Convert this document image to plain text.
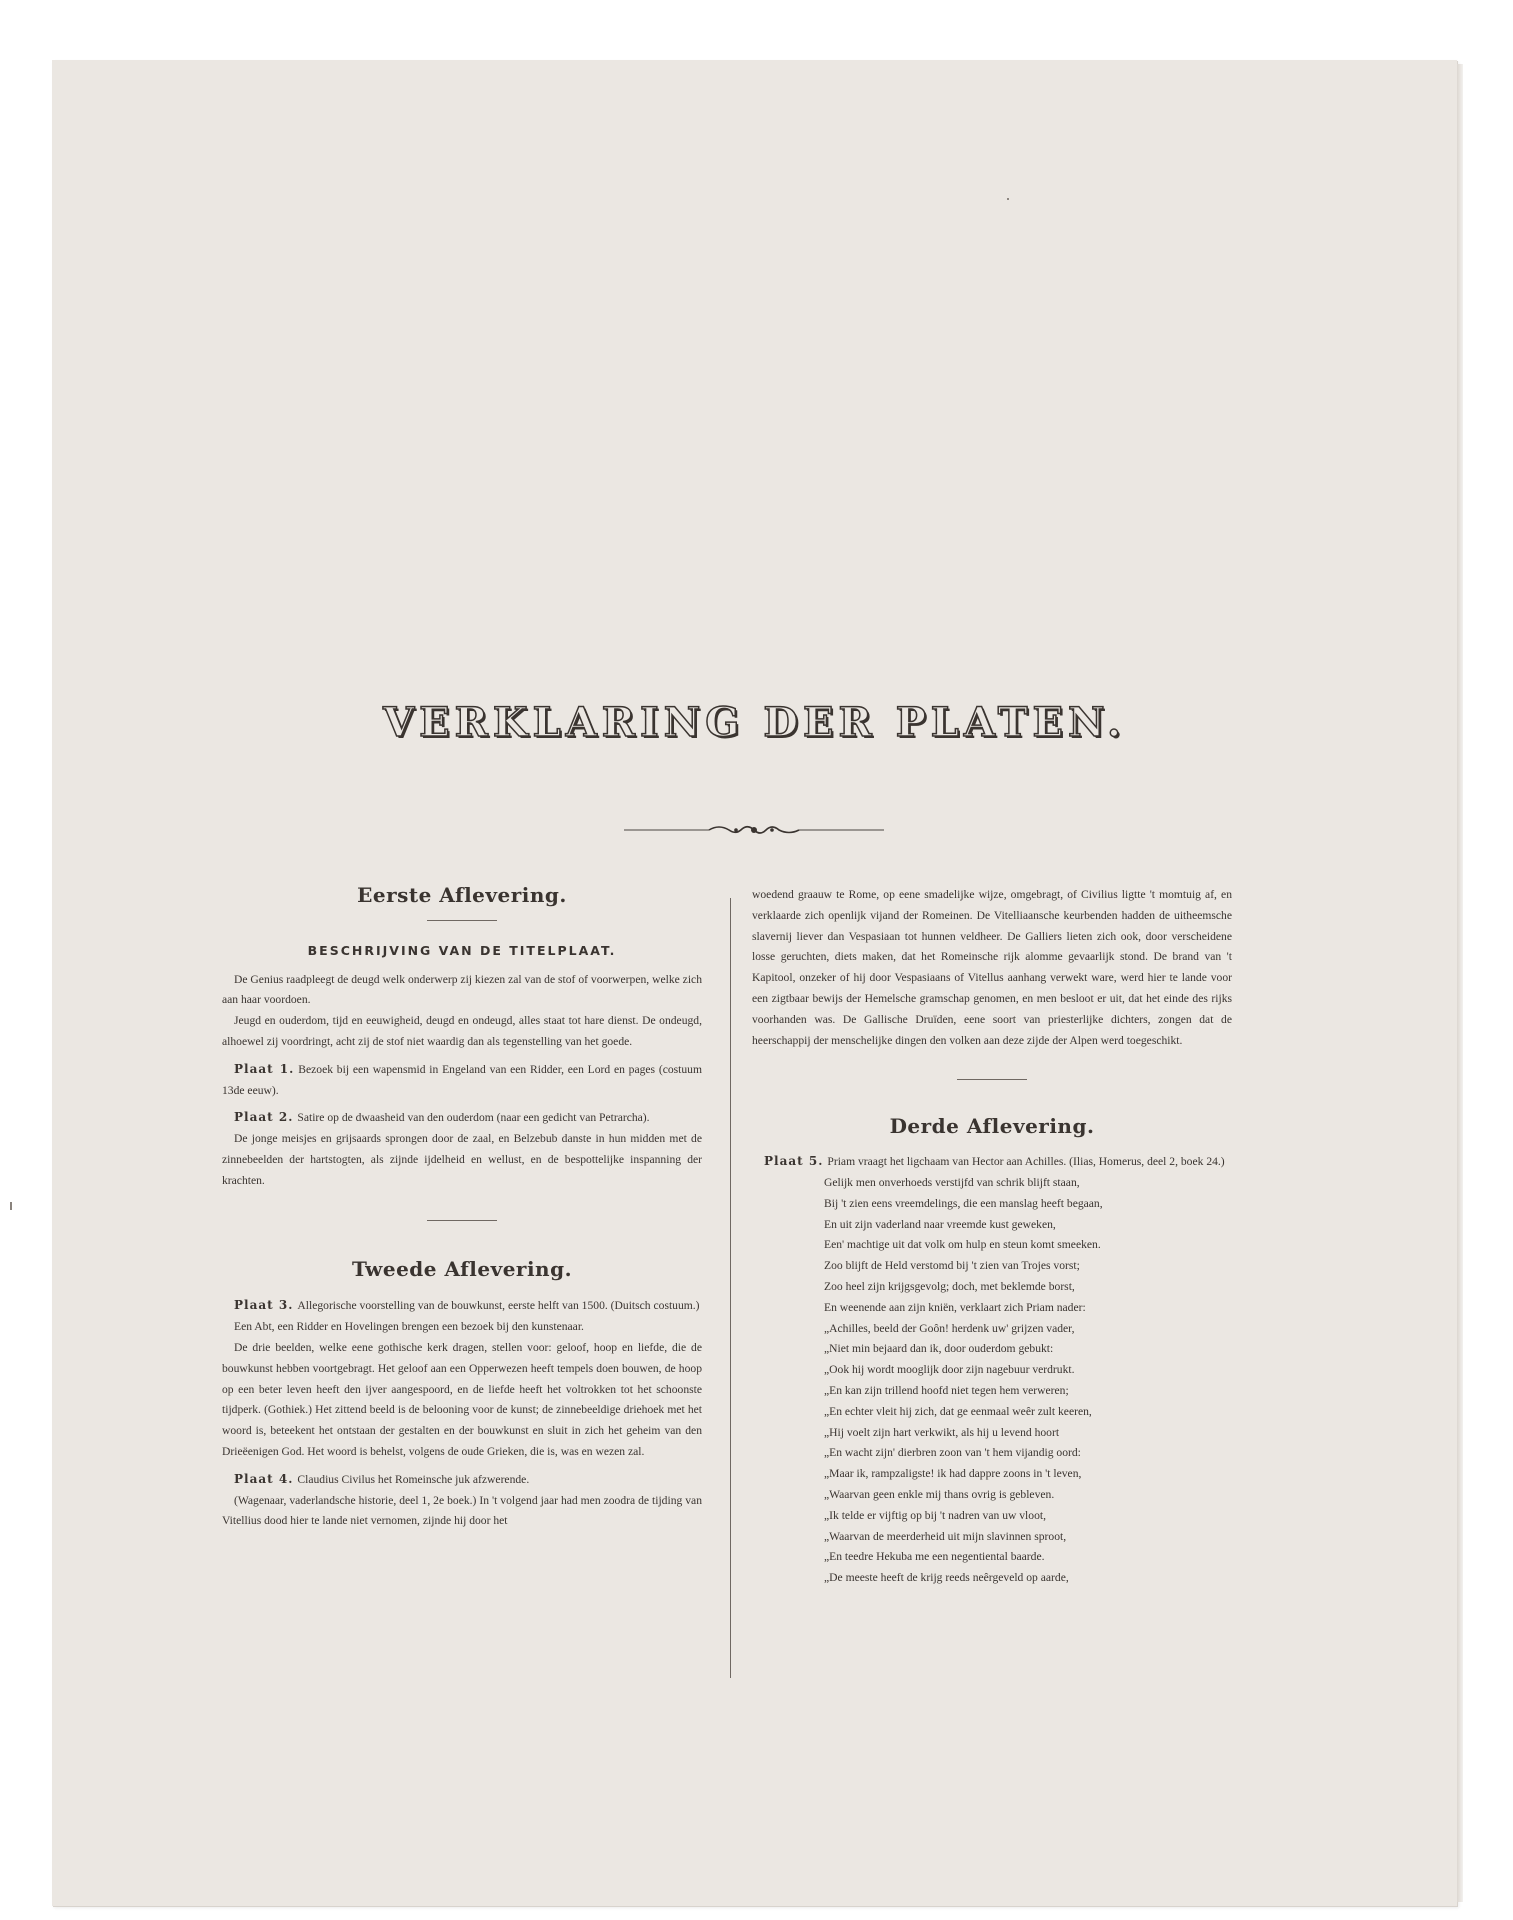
VERKLARING DER PLATEN.
Eerste Aflevering.
BESCHRIJVING VAN DE TITELPLAAT.

De Genius raadpleegt de deugd welk onderwerp zij kiezen zal van de stof of voorwerpen, welke zich aan haar voordoen.

Jeugd en ouderdom, tijd en eeuwigheid, deugd en ondeugd, alles staat tot hare dienst. De ondeugd, alhoewel zij voordringt, acht zij de stof niet waardig dan als tegenstelling van het goede.

Plaat 1. Bezoek bij een wapensmid in Engeland van een Ridder, een Lord en pages (costuum 13de eeuw).

Plaat 2. Satire op de dwaasheid van den ouderdom (naar een gedicht van Petrarcha).

De jonge meisjes en grijsaards sprongen door de zaal, en Belzebub danste in hun midden met de zinnebeelden der hartstogten, als zijnde ijdelheid en wellust, en de bespottelijke inspanning der krachten.

Tweede Aflevering.

Plaat 3. Allegorische voorstelling van de bouwkunst, eerste helft van 1500. (Duitsch costuum.)

Een Abt, een Ridder en Hovelingen brengen een bezoek bij den kunstenaar.

De drie beelden, welke eene gothische kerk dragen, stellen voor: geloof, hoop en liefde, die de bouwkunst hebben voortgebragt. Het geloof aan een Opperwezen heeft tempels doen bouwen, de hoop op een beter leven heeft den ijver aangespoord, en de liefde heeft het voltrokken tot het schoonste tijdperk. (Gothiek.) Het zittend beeld is de belooning voor de kunst; de zinnebeeldige driehoek met het woord is, beteekent het ontstaan der gestalten en der bouwkunst en sluit in zich het geheim van den Drieëenigen God. Het woord is behelst, volgens de oude Grieken, die is, was en wezen zal.

Plaat 4. Claudius Civilus het Romeinsche juk afzwerende.

(Wagenaar, vaderlandsche historie, deel 1, 2e boek.) In 't volgend jaar had men zoodra de tijding van Vitellius dood hier te lande niet vernomen, zijnde hij door het

woedend graauw te Rome, op eene smadelijke wijze, omgebragt, of Civilius ligtte 't momtuig af, en verklaarde zich openlijk vijand der Romeinen. De Vitelliaansche keurbenden hadden de uitheemsche slavernij liever dan Vespasiaan tot hunnen veldheer. De Galliers lieten zich ook, door verscheidene losse geruchten, diets maken, dat het Romeinsche rijk alomme gevaarlijk stond. De brand van 't Kapitool, onzeker of hij door Vespasiaans of Vitellus aanhang verwekt ware, werd hier te lande voor een zigtbaar bewijs der Hemelsche gramschap genomen, en men besloot er uit, dat het einde des rijks voorhanden was. De Gallische Druïden, eene soort van priesterlijke dichters, zongen dat de heerschappij der menschelijke dingen den volken aan deze zijde der Alpen werd toegeschikt.

Derde Aflevering.

Plaat 5. Priam vraagt het ligchaam van Hector aan Achilles. (Ilias, Homerus, deel 2, boek 24.)

Gelijk men onverhoeds verstijfd van schrik blijft staan,
Bij 't zien eens vreemdelings, die een manslag heeft begaan,
En uit zijn vaderland naar vreemde kust geweken,
Een' machtige uit dat volk om hulp en steun komt smeeken.
Zoo blijft de Held verstomd bij 't zien van Trojes vorst;
Zoo heel zijn krijgsgevolg; doch, met beklemde borst,
En weenende aan zijn kniën, verklaart zich Priam nader:
„Achilles, beeld der Goôn! herdenk uw' grijzen vader,
„Niet min bejaard dan ik, door ouderdom gebukt:
„Ook hij wordt mooglijk door zijn nagebuur verdrukt.
„En kan zijn trillend hoofd niet tegen hem verweren;
„En echter vleit hij zich, dat ge eenmaal weêr zult keeren,
„Hij voelt zijn hart verkwikt, als hij u levend hoort
„En wacht zijn' dierbren zoon van 't hem vijandig oord:
„Maar ik, rampzaligste! ik had dappre zoons in 't leven,
„Waarvan geen enkle mij thans ovrig is gebleven.
„Ik telde er vijftig op bij 't nadren van uw vloot,
„Waarvan de meerderheid uit mijn slavinnen sproot,
„En teedre Hekuba me een negentiental baarde.
„De meeste heeft de krijg reeds neêrgeveld op aarde,
